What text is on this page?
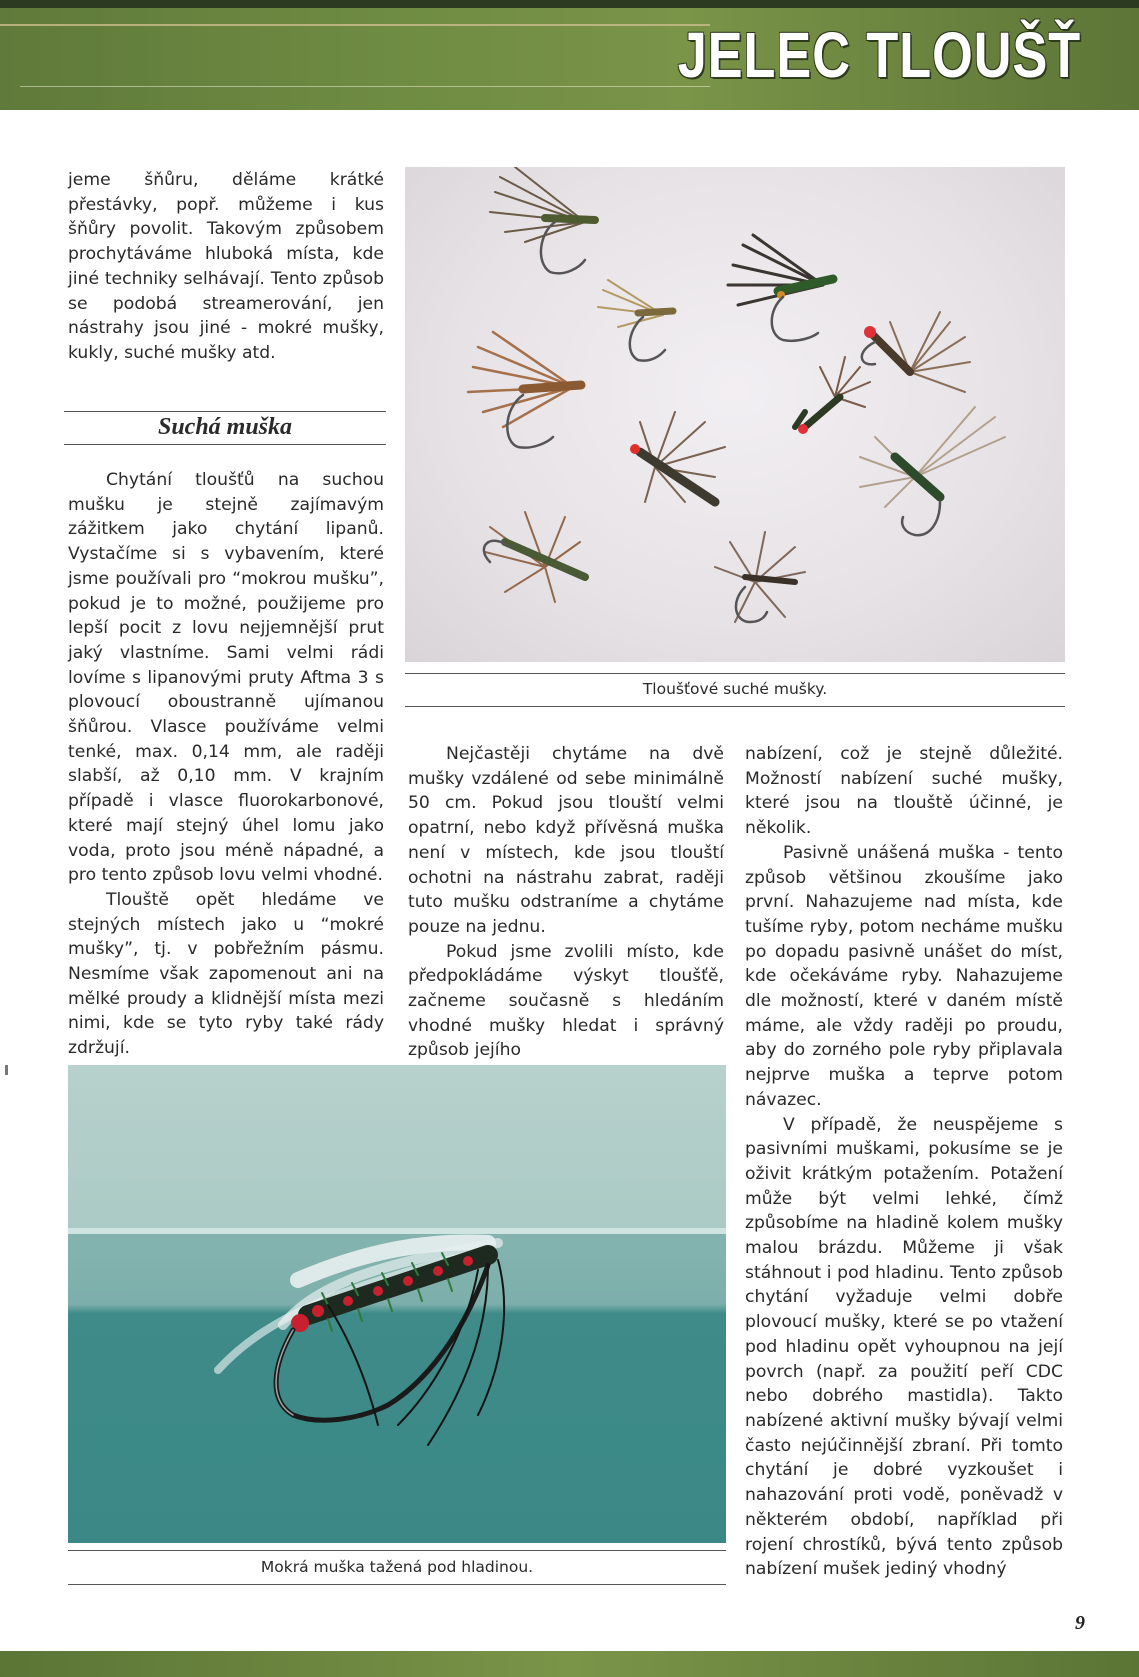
JELEC TLOUŠŤ

jeme šňůru, děláme krátké přestávky, popř. můžeme i kus šňůry povolit. Takovým způsobem prochytáváme hluboká místa, kde jiné techniky selhávají. Tento způsob se podobá streamerování, jen nástrahy jsou jiné - mokré mušky, kukly, suché mušky atd.

Suchá muška

Chytání tloušťů na suchou mušku je stejně zajímavým zážitkem jako chytání lipanů. Vystačíme si s vybavením, které jsme používali pro “mokrou mušku”, pokud je to možné, použijeme pro lepší pocit z lovu nejjemnější prut jaký vlastníme. Sami velmi rádi lovíme s lipanovými pruty Aftma 3 s plovoucí oboustranně ujímanou šňůrou. Vlasce používáme velmi tenké, max. 0,14 mm, ale raději slabší, až 0,10 mm. V krajním případě i vlasce fluorokarbonové, které mají stejný úhel lomu jako voda, proto jsou méně nápadné, a pro tento způsob lovu velmi vhodné.

Tlouště opět hledáme ve stejných místech jako u “mokré mušky”, tj. v pobřežním pásmu. Nesmíme však zapomenout ani na mělké proudy a klidnější místa mezi nimi, kde se tyto ryby také rády zdržují.

Tloušťové suché mušky.

Nejčastěji chytáme na dvě mušky vzdálené od sebe minimálně 50 cm. Pokud jsou tlouští velmi opatrní, nebo když přívěsná muška není v místech, kde jsou tlouští ochotni na nástrahu zabrat, raději tuto mušku odstraníme a chytáme pouze na jednu.

Pokud jsme zvolili místo, kde předpokládáme výskyt tloušťě, začneme současně s hledáním vhodné mušky hledat i správný způsob jejího

nabízení, což je stejně důležité. Možností nabízení suché mušky, které jsou na tlouště účinné, je několik.

Pasivně unášená muška - tento způsob většinou zkoušíme jako první. Nahazujeme nad místa, kde tušíme ryby, potom necháme mušku po dopadu pasivně unášet do míst, kde očekáváme ryby. Nahazujeme dle možností, které v daném místě máme, ale vždy raději po proudu, aby do zorného pole ryby připlavala nejprve muška a teprve potom návazec.

V případě, že neuspějeme s pasivními muškami, pokusíme se je oživit krátkým potažením. Potažení může být velmi lehké, čímž způsobíme na hladině kolem mušky malou brázdu. Můžeme ji však stáhnout i pod hladinu. Tento způsob chytání vyžaduje velmi dobře plovoucí mušky, které se po vtažení pod hladinu opět vyhoupnou na její povrch (např. za použití peří CDC nebo dobrého mastidla). Takto nabízené aktivní mušky bývají velmi často nejúčinnější zbraní. Při tomto chytání je dobré vyzkoušet i nahazování proti vodě, poněvadž v některém období, například při rojení chrostíků, bývá tento způsob nabízení mušek jediný vhodný

Mokrá muška tažená pod hladinou.
9
